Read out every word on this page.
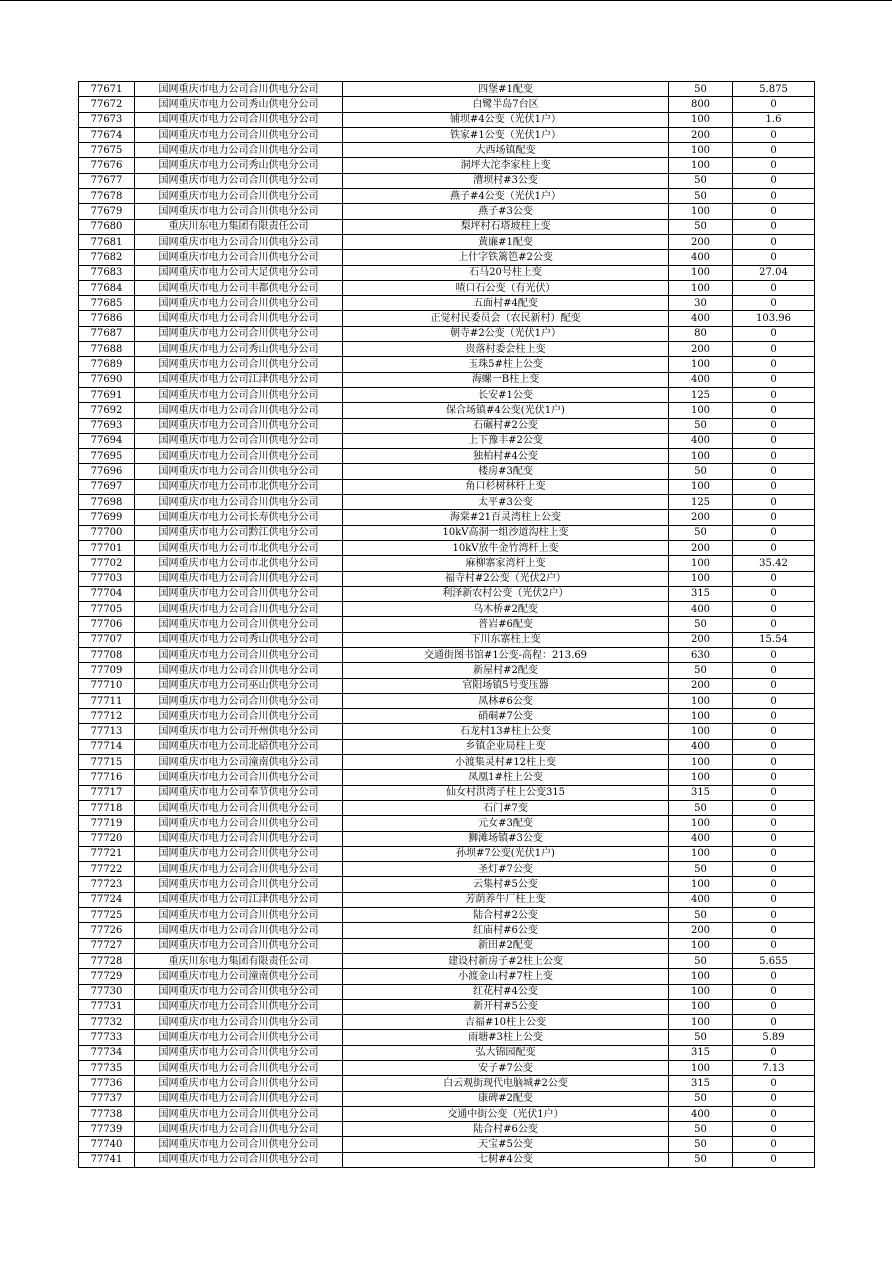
77671	国网重庆市电力公司合川供电分公司	四堡#1配变	50	5.875
77672	国网重庆市电力公司秀山供电分公司	白鹭半岛7台区	800	0
77673	国网重庆市电力公司合川供电分公司	铺坝#4公变（光伏1户）	100	1.6
77674	国网重庆市电力公司合川供电分公司	铁家#1公变（光伏1户）	200	0
77675	国网重庆市电力公司合川供电分公司	大西场镇配变	100	0
77676	国网重庆市电力公司秀山供电分公司	洞坪大沱李家柱上变	100	0
77677	国网重庆市电力公司合川供电分公司	漕坝村#3公变	50	0
77678	国网重庆市电力公司合川供电分公司	燕子#4公变（光伏1户）	50	0
77679	国网重庆市电力公司合川供电分公司	燕子#3公变	100	0
77680	重庆川东电力集团有限责任公司	梨坪村石塔坡柱上变	50	0
77681	国网重庆市电力公司合川供电分公司	黄廉#1配变	200	0
77682	国网重庆市电力公司合川供电分公司	上什字铁篱笆#2公变	400	0
77683	国网重庆市电力公司大足供电分公司	石马20号柱上变	100	27.04
77684	国网重庆市电力公司丰都供电分公司	喳口石公变（有光伏）	100	0
77685	国网重庆市电力公司合川供电分公司	五面村#4配变	30	0
77686	国网重庆市电力公司合川供电分公司	正觉村民委员会（农民新村）配变	400	103.96
77687	国网重庆市电力公司合川供电分公司	朝寺#2公变（光伏1户）	80	0
77688	国网重庆市电力公司秀山供电分公司	贵落村委会柱上变	200	0
77689	国网重庆市电力公司合川供电分公司	玉珠5#柱上公变	100	0
77690	国网重庆市电力公司江津供电分公司	海螺一B柱上变	400	0
77691	国网重庆市电力公司合川供电分公司	长安#1公变	125	0
77692	国网重庆市电力公司合川供电分公司	保合场镇#4公变(光伏1户)	100	0
77693	国网重庆市电力公司合川供电分公司	石碾村#2公变	50	0
77694	国网重庆市电力公司合川供电分公司	上下豫丰#2公变	400	0
77695	国网重庆市电力公司合川供电分公司	独柏村#4公变	100	0
77696	国网重庆市电力公司合川供电分公司	楼房#3配变	50	0
77697	国网重庆市电力公司市北供电分公司	角口杉树林杆上变	100	0
77698	国网重庆市电力公司合川供电分公司	太平#3公变	125	0
77699	国网重庆市电力公司长寿供电分公司	海棠#21百灵湾柱上公变	200	0
77700	国网重庆市电力公司黔江供电分公司	10kV高洞一组沙道沟柱上变	50	0
77701	国网重庆市电力公司市北供电分公司	10kV放牛金竹湾杆上变	200	0
77702	国网重庆市电力公司市北供电分公司	麻柳寨家湾杆上变	100	35.42
77703	国网重庆市电力公司合川供电分公司	福寺村#2公变（光伏2户）	100	0
77704	国网重庆市电力公司合川供电分公司	利泽新农村公变（光伏2户）	315	0
77705	国网重庆市电力公司合川供电分公司	乌木桥#2配变	400	0
77706	国网重庆市电力公司合川供电分公司	普岩#6配变	50	0
77707	国网重庆市电力公司秀山供电分公司	下川东寨柱上变	200	15.54
77708	国网重庆市电力公司合川供电分公司	交通街图书馆#1公变-高程：213.69	630	0
77709	国网重庆市电力公司合川供电分公司	新屋村#2配变	50	0
77710	国网重庆市电力公司巫山供电分公司	官阳场镇5号变压器	200	0
77711	国网重庆市电力公司合川供电分公司	凤林#6公变	100	0
77712	国网重庆市电力公司合川供电分公司	硝硐#7公变	100	0
77713	国网重庆市电力公司开州供电分公司	石龙村13#柱上公变	100	0
77714	国网重庆市电力公司北碚供电分公司	乡镇企业局柱上变	400	0
77715	国网重庆市电力公司潼南供电分公司	小渡集灵村#12柱上变	100	0
77716	国网重庆市电力公司合川供电分公司	凤凰1#柱上公变	100	0
77717	国网重庆市电力公司奉节供电分公司	仙女村洪湾子柱上公变315	315	0
77718	国网重庆市电力公司合川供电分公司	石门#7变	50	0
77719	国网重庆市电力公司合川供电分公司	元女#3配变	100	0
77720	国网重庆市电力公司合川供电分公司	狮滩场镇#3公变	400	0
77721	国网重庆市电力公司合川供电分公司	孙坝#7公变(光伏1户)	100	0
77722	国网重庆市电力公司合川供电分公司	圣灯#7公变	50	0
77723	国网重庆市电力公司合川供电分公司	云集村#5公变	100	0
77724	国网重庆市电力公司江津供电分公司	芳荫养牛厂柱上变	400	0
77725	国网重庆市电力公司合川供电分公司	陆合村#2公变	50	0
77726	国网重庆市电力公司合川供电分公司	红庙村#6公变	200	0
77727	国网重庆市电力公司合川供电分公司	新田#2配变	100	0
77728	重庆川东电力集团有限责任公司	建设村新房子#2柱上公变	50	5.655
77729	国网重庆市电力公司潼南供电分公司	小渡金山村#7柱上变	100	0
77730	国网重庆市电力公司合川供电分公司	红花村#4公变	100	0
77731	国网重庆市电力公司合川供电分公司	新开村#5公变	100	0
77732	国网重庆市电力公司合川供电分公司	吉福#10柱上公变	100	0
77733	国网重庆市电力公司合川供电分公司	雨塘#3柱上公变	50	5.89
77734	国网重庆市电力公司合川供电分公司	弘大锦园配变	315	0
77735	国网重庆市电力公司合川供电分公司	安子#7公变	100	7.13
77736	国网重庆市电力公司合川供电分公司	白云观街现代电脑城#2公变	315	0
77737	国网重庆市电力公司合川供电分公司	康碑#2配变	50	0
77738	国网重庆市电力公司合川供电分公司	交通中街公变（光伏1户）	400	0
77739	国网重庆市电力公司合川供电分公司	陆合村#6公变	50	0
77740	国网重庆市电力公司合川供电分公司	天宝#5公变	50	0
77741	国网重庆市电力公司合川供电分公司	七树#4公变	50	0
